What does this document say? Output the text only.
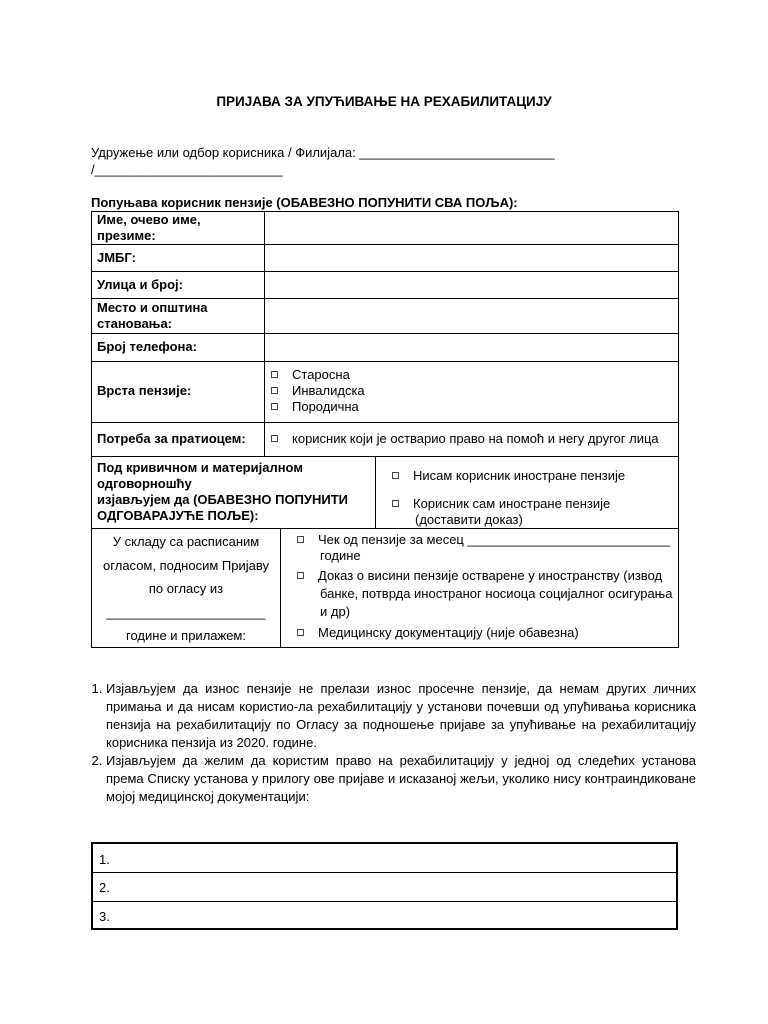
ПРИЈАВА ЗА УПУЋИВАЊЕ НА РЕХАБИЛИТАЦИЈУ
Удружење или одбор корисника / Филијала: ___________________________
/__________________________
Попуњава корисник пензије (ОБАВЕЗНО ПОПУНИТИ СВА ПОЉА):
Име, очево име,
презиме:
ЈМБГ:
Улица и број:
Место и општина
становања:
Број телефона:
Врста пензије:
Старосна
Инвалидска
Породична
Потреба за пратиоцем:	корисник који је остварио право на помоћ и негу другог лица
Под кривичном и материјалном
одговорношћу
изјављујем да (ОБАВЕЗНО ПОПУНИТИ
ОДГОВАРАЈУЋЕ ПОЉЕ):
Нисам корисник иностране пензије
Корисник сам иностране пензије
(доставити доказ)
У складу са расписаним
огласом, подносим Пријаву
по огласу из
______________________
године и прилажем:
Чек од пензије за месец ____________________________
године
Доказ о висини пензије остварене у иностранству (извод
банке, потврда иностраног носиоца социјалног осигурања
и др)
Медицинску документацију (није обавезна)
1. Изјављујем да износ пензије не прелази износ просечне пензије, да немам других личних примања и да нисам користио-ла рехабилитацију у установи почевши од упућивања корисника пензија на рехабилитацију по Огласу за подношење пријаве за упућивање на рехабилитацију корисника пензија из 2020. године.
2. Изјављујем да желим да користим право на рехабилитацију у једној од следећих установа према Списку установа у прилогу ове пријаве и исказаној жељи, уколико нису контраиндиковане мојој медицинској документацији:
1.
2.
3.
